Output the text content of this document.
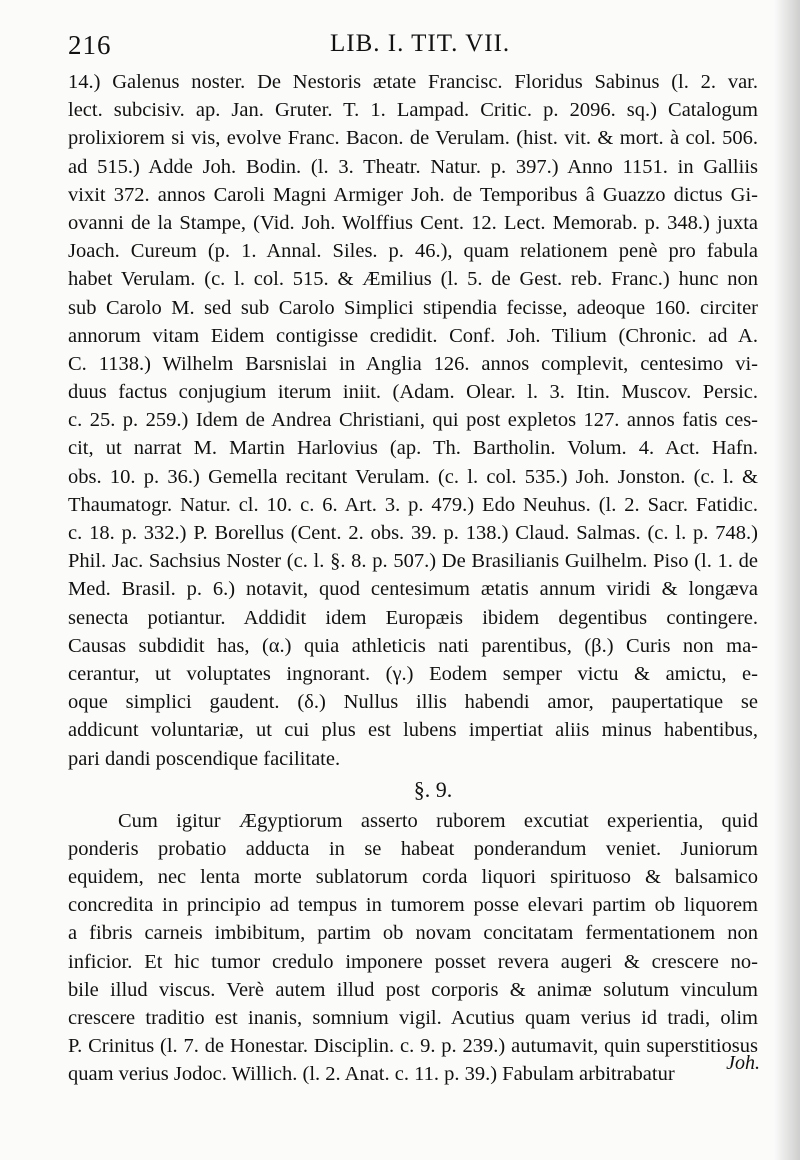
216	LIB. I. TIT. VII.
14.) Galenus noster. De Nestoris ætate Francisc. Floridus Sabinus (l. 2. var.
lect. subcisiv. ap. Jan. Gruter. T. 1. Lampad. Critic. p. 2096. sq.) Catalogum
prolixiorem si vis, evolve Franc. Bacon. de Verulam. (hist. vit. & mort. à col. 506.
ad 515.) Adde Joh. Bodin. (l. 3. Theatr. Natur. p. 397.) Anno 1151. in Galliis
vixit 372. annos Caroli Magni Armiger Joh. de Temporibus â Guazzo dictus Gi-
ovanni de la Stampe, (Vid. Joh. Wolffius Cent. 12. Lect. Memorab. p. 348.) juxta
Joach. Cureum (p. 1. Annal. Siles. p. 46.), quam relationem penè pro fabula
habet Verulam. (c. l. col. 515. & Æmilius (l. 5. de Gest. reb. Franc.) hunc non
sub Carolo M. sed sub Carolo Simplici stipendia fecisse, adeoque 160. circiter
annorum vitam Eidem contigisse credidit. Conf. Joh. Tilium (Chronic. ad A.
C. 1138.) Wilhelm Barsnislai in Anglia 126. annos complevit, centesimo vi-
duus factus conjugium iterum iniit. (Adam. Olear. l. 3. Itin. Muscov. Persic.
c. 25. p. 259.) Idem de Andrea Christiani, qui post expletos 127. annos fatis ces-
cit, ut narrat M. Martin Harlovius (ap. Th. Bartholin. Volum. 4. Act. Hafn.
obs. 10. p. 36.) Gemella recitant Verulam. (c. l. col. 535.) Joh. Jonston. (c. l. &
Thaumatogr. Natur. cl. 10. c. 6. Art. 3. p. 479.) Edo Neuhus. (l. 2. Sacr. Fatidic.
c. 18. p. 332.) P. Borellus (Cent. 2. obs. 39. p. 138.) Claud. Salmas. (c. l. p. 748.)
Phil. Jac. Sachsius Noster (c. l. §. 8. p. 507.) De Brasilianis Guilhelm. Piso (l. 1. de
Med. Brasil. p. 6.) notavit, quod centesimum ætatis annum viridi & longæva
senecta potiantur. Addidit idem Europæis ibidem degentibus contingere.
Causas subdidit has, (α.) quia athleticis nati parentibus, (β.) Curis non ma-
cerantur, ut voluptates ingnorant. (γ.) Eodem semper victu & amictu, e-
oque simplici gaudent. (δ.) Nullus illis habendi amor, paupertatique se
addicunt voluntariæ, ut cui plus est lubens impertiat aliis minus habentibus,
pari dandi poscendique facilitate.
§. 9.
Cum igitur Ægyptiorum asserto ruborem excutiat experientia, quid
ponderis probatio adducta in se habeat ponderandum veniet. Juniorum
equidem, nec lenta morte sublatorum corda liquori spirituoso & balsamico
concredita in principio ad tempus in tumorem posse elevari partim ob liquorem
a fibris carneis imbibitum, partim ob novam concitatam fermentationem non
inficior. Et hic tumor credulo imponere posset revera augeri & crescere no-
bile illud viscus. Verè autem illud post corporis & animæ solutum vinculum
crescere traditio est inanis, somnium vigil. Acutius quam verius id tradi, olim
P. Crinitus (l. 7. de Honestar. Disciplin. c. 9. p. 239.) autumavit, quin superstitiosus
quam verius Jodoc. Willich. (l. 2. Anat. c. 11. p. 39.) Fabulam arbitrabatur
Joh.
